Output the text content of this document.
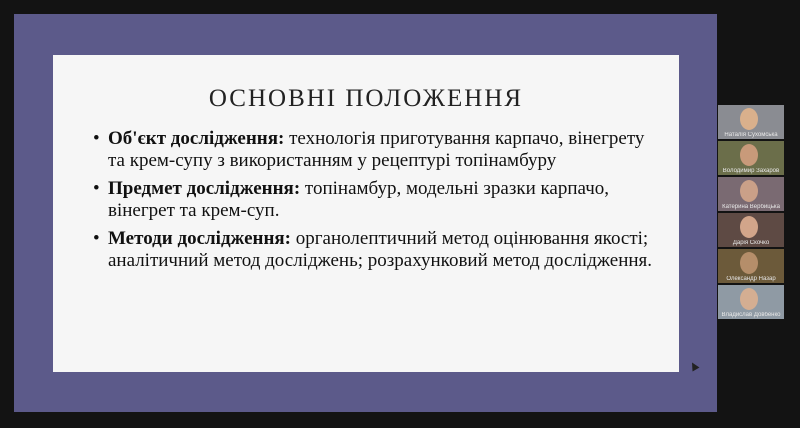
ОСНОВНІ ПОЛОЖЕННЯ
• Об'єкт дослідження: технологія приготування карпачо, вінегрету та крем-супу з використанням у рецептурі топінамбуру
• Предмет дослідження: топінамбур, модельні зразки карпачо, вінегрет та крем-суп.
• Методи дослідження: органолептичний метод оцінювання якості; аналітичний метод досліджень; розрахунковий метод дослідження.
Наталія Сухомська
Володимир Захаров
Катерина Вербицька
Дарія Скочко
Олександр Назар
Владислав Довбенко
